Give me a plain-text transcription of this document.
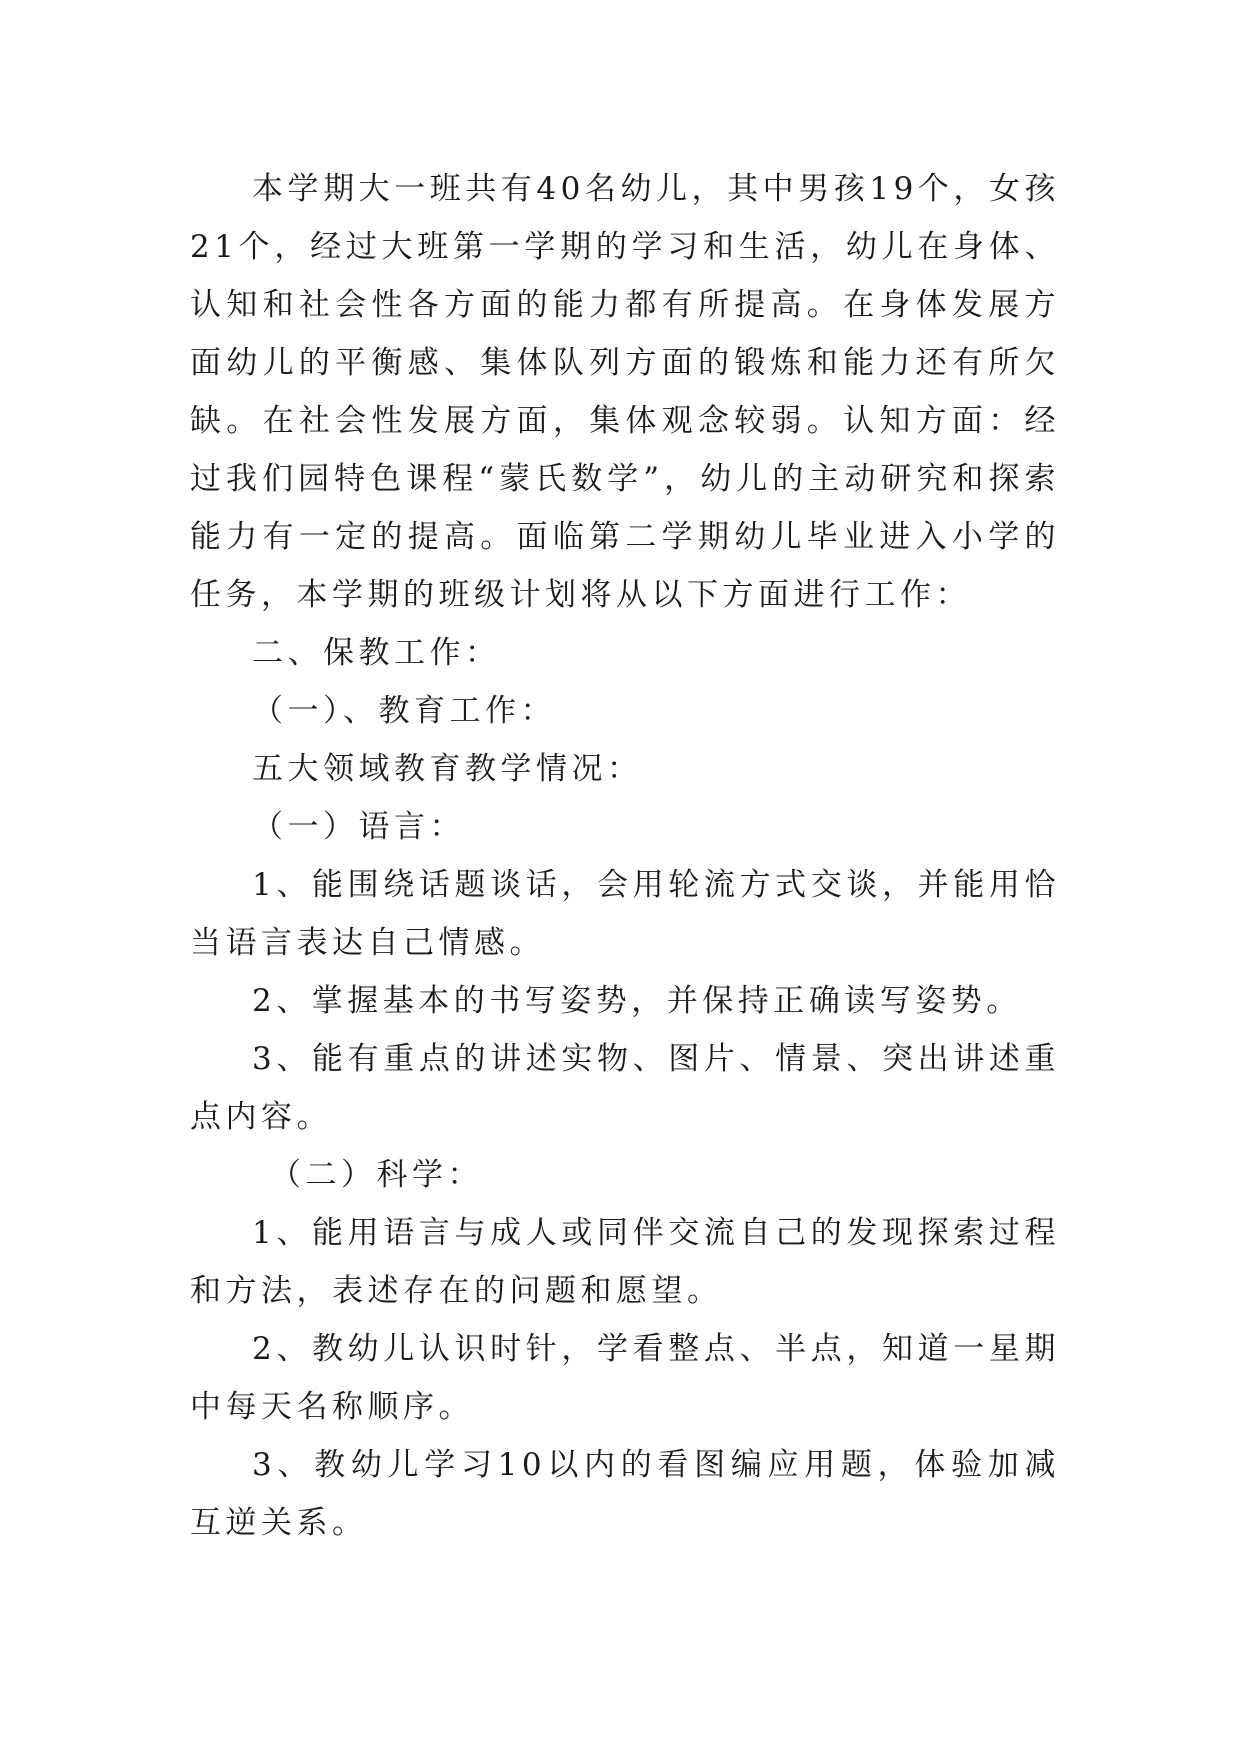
本学期大一班共有40名幼儿，其中男孩19个，女孩21个，经过大班第一学期的学习和生活，幼儿在身体、认知和社会性各方面的能力都有所提高。在身体发展方面幼儿的平衡感、集体队列方面的锻炼和能力还有所欠缺。在社会性发展方面，集体观念较弱。认知方面：经过我们园特色课程“蒙氏数学”，幼儿的主动研究和探索能力有一定的提高。面临第二学期幼儿毕业进入小学的任务，本学期的班级计划将从以下方面进行工作：

二、保教工作：

（一）、教育工作：

五大领域教育教学情况：

（一）语言：

1、能围绕话题谈话，会用轮流方式交谈，并能用恰当语言表达自己情感。

2、掌握基本的书写姿势，并保持正确读写姿势。

3、能有重点的讲述实物、图片、情景、突出讲述重点内容。

（二）科学：

1、能用语言与成人或同伴交流自己的发现探索过程和方法，表述存在的问题和愿望。

2、教幼儿认识时针，学看整点、半点，知道一星期中每天名称顺序。

3、教幼儿学习10以内的看图编应用题，体验加减互逆关系。
